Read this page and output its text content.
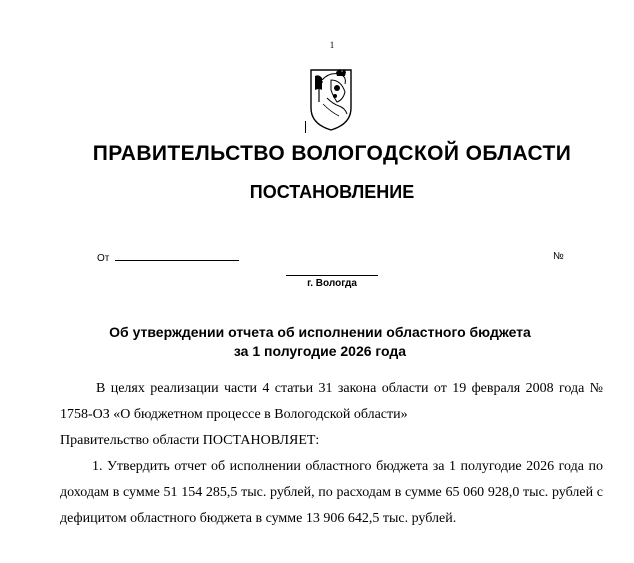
1
ПРАВИТЕЛЬСТВО ВОЛОГОДСКОЙ ОБЛАСТИ
ПОСТАНОВЛЕНИЕ
От	№
г. Вологда
Об утверждении отчета об исполнении областного бюджета
за 1 полугодие 2026 года
В целях реализации части 4 статьи 31 закона области от 19 февраля 2008 года № 1758-ОЗ «О бюджетном процессе в Вологодской области»
Правительство области ПОСТАНОВЛЯЕТ:
1. Утвердить отчет об исполнении областного бюджета за 1 полугодие 2026 года по доходам в сумме 51 154 285,5 тыс. рублей, по расходам в сумме 65 060 928,0 тыс. рублей с дефицитом областного бюджета в сумме 13 906 642,5 тыс. рублей.
